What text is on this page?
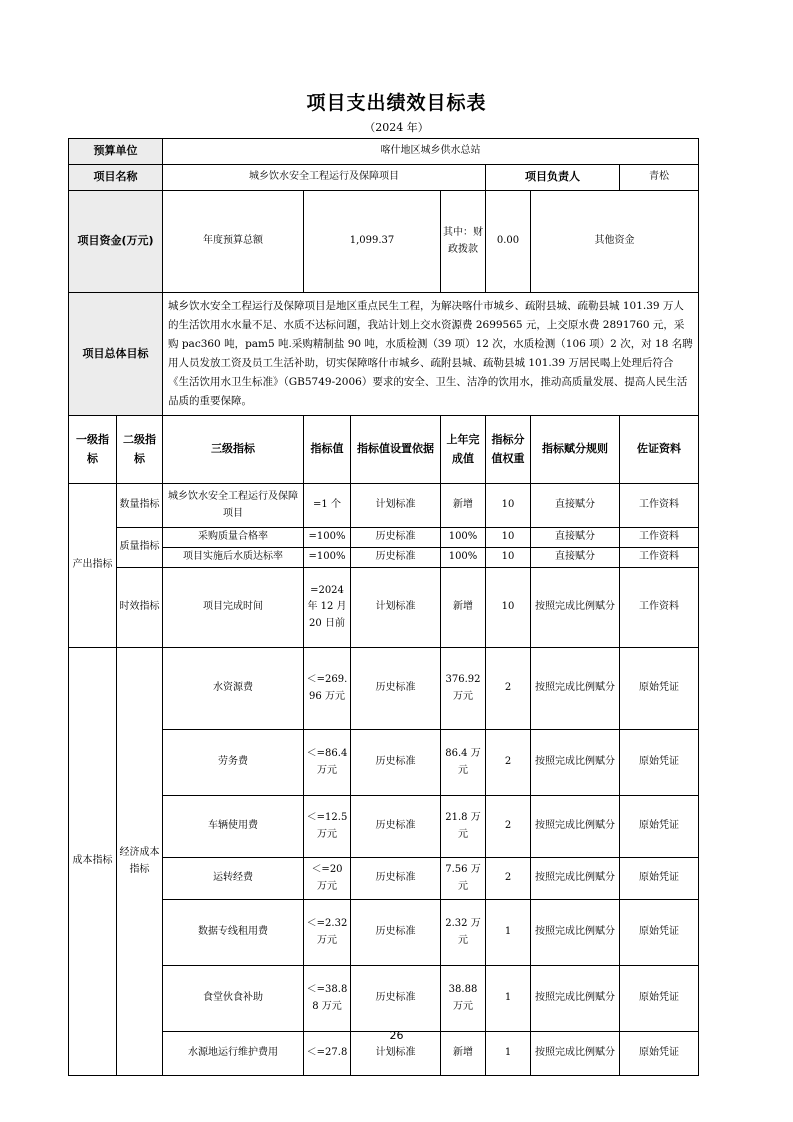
项目支出绩效目标表
（2024 年）
预算单位		喀什地区城乡供水总站							
项目名称		城乡饮水安全工程运行及保障项目				项目负责人		青松	
项目资金(万元)		年度预算总额	1,099.37		其中：财政拨款	0.00	其他资金	
项目总体目标		城乡饮水安全工程运行及保障项目是地区重点民生工程，为解决喀什市城乡、疏附县城、疏勒县城 101.39 万人的生活饮用水水量不足、水质不达标问题，我站计划上交水资源费 2699565 元，上交原水费 2891760 元，采购 pac360 吨，pam5 吨.采购精制盐 90 吨，水质检测（39 项）12 次，水质检测（106 项）2 次，对 18 名聘用人员发放工资及员工生活补助，切实保障喀什市城乡、疏附县城、疏勒县城 101.39 万居民喝上处理后符合《生活饮用水卫生标准》（GB5749-2006）要求的安全、卫生、洁净的饮用水，推动高质量发展、提高人民生活品质的重要保障。							
一级指标	二级指标	三级指标	指标值	指标值设置依据	上年完成值	指标分值权重	指标赋分规则	佐证资料	
产出指标	数量指标	城乡饮水安全工程运行及保障项目	=1 个	计划标准	新增	10	直接赋分	工作资料	
	质量指标	采购质量合格率	=100%	历史标准	100%	10	直接赋分	工作资料	
		项目实施后水质达标率	=100%	历史标准	100%	10	直接赋分	工作资料	
	时效指标	项目完成时间	=2024 年 12 月 20 日前	计划标准	新增	10	按照完成比例赋分	工作资料	
成本指标	经济成本指标	水资源费	＜=269.96 万元	历史标准	376.92 万元	2	按照完成比例赋分	原始凭证	
		劳务费	＜=86.4 万元	历史标准	86.4 万元	2	按照完成比例赋分	原始凭证	
		车辆使用费	＜=12.5 万元	历史标准	21.8 万元	2	按照完成比例赋分	原始凭证	
		运转经费	＜=20 万元	历史标准	7.56 万元	2	按照完成比例赋分	原始凭证	
		数据专线租用费	＜=2.32 万元	历史标准	2.32 万元	1	按照完成比例赋分	原始凭证	
		食堂伙食补助	＜=38.88 万元	历史标准	38.88 万元	1	按照完成比例赋分	原始凭证	
		水源地运行维护费用	＜=27.8	计划标准	新增	1	按照完成比例赋分	原始凭证	
26
